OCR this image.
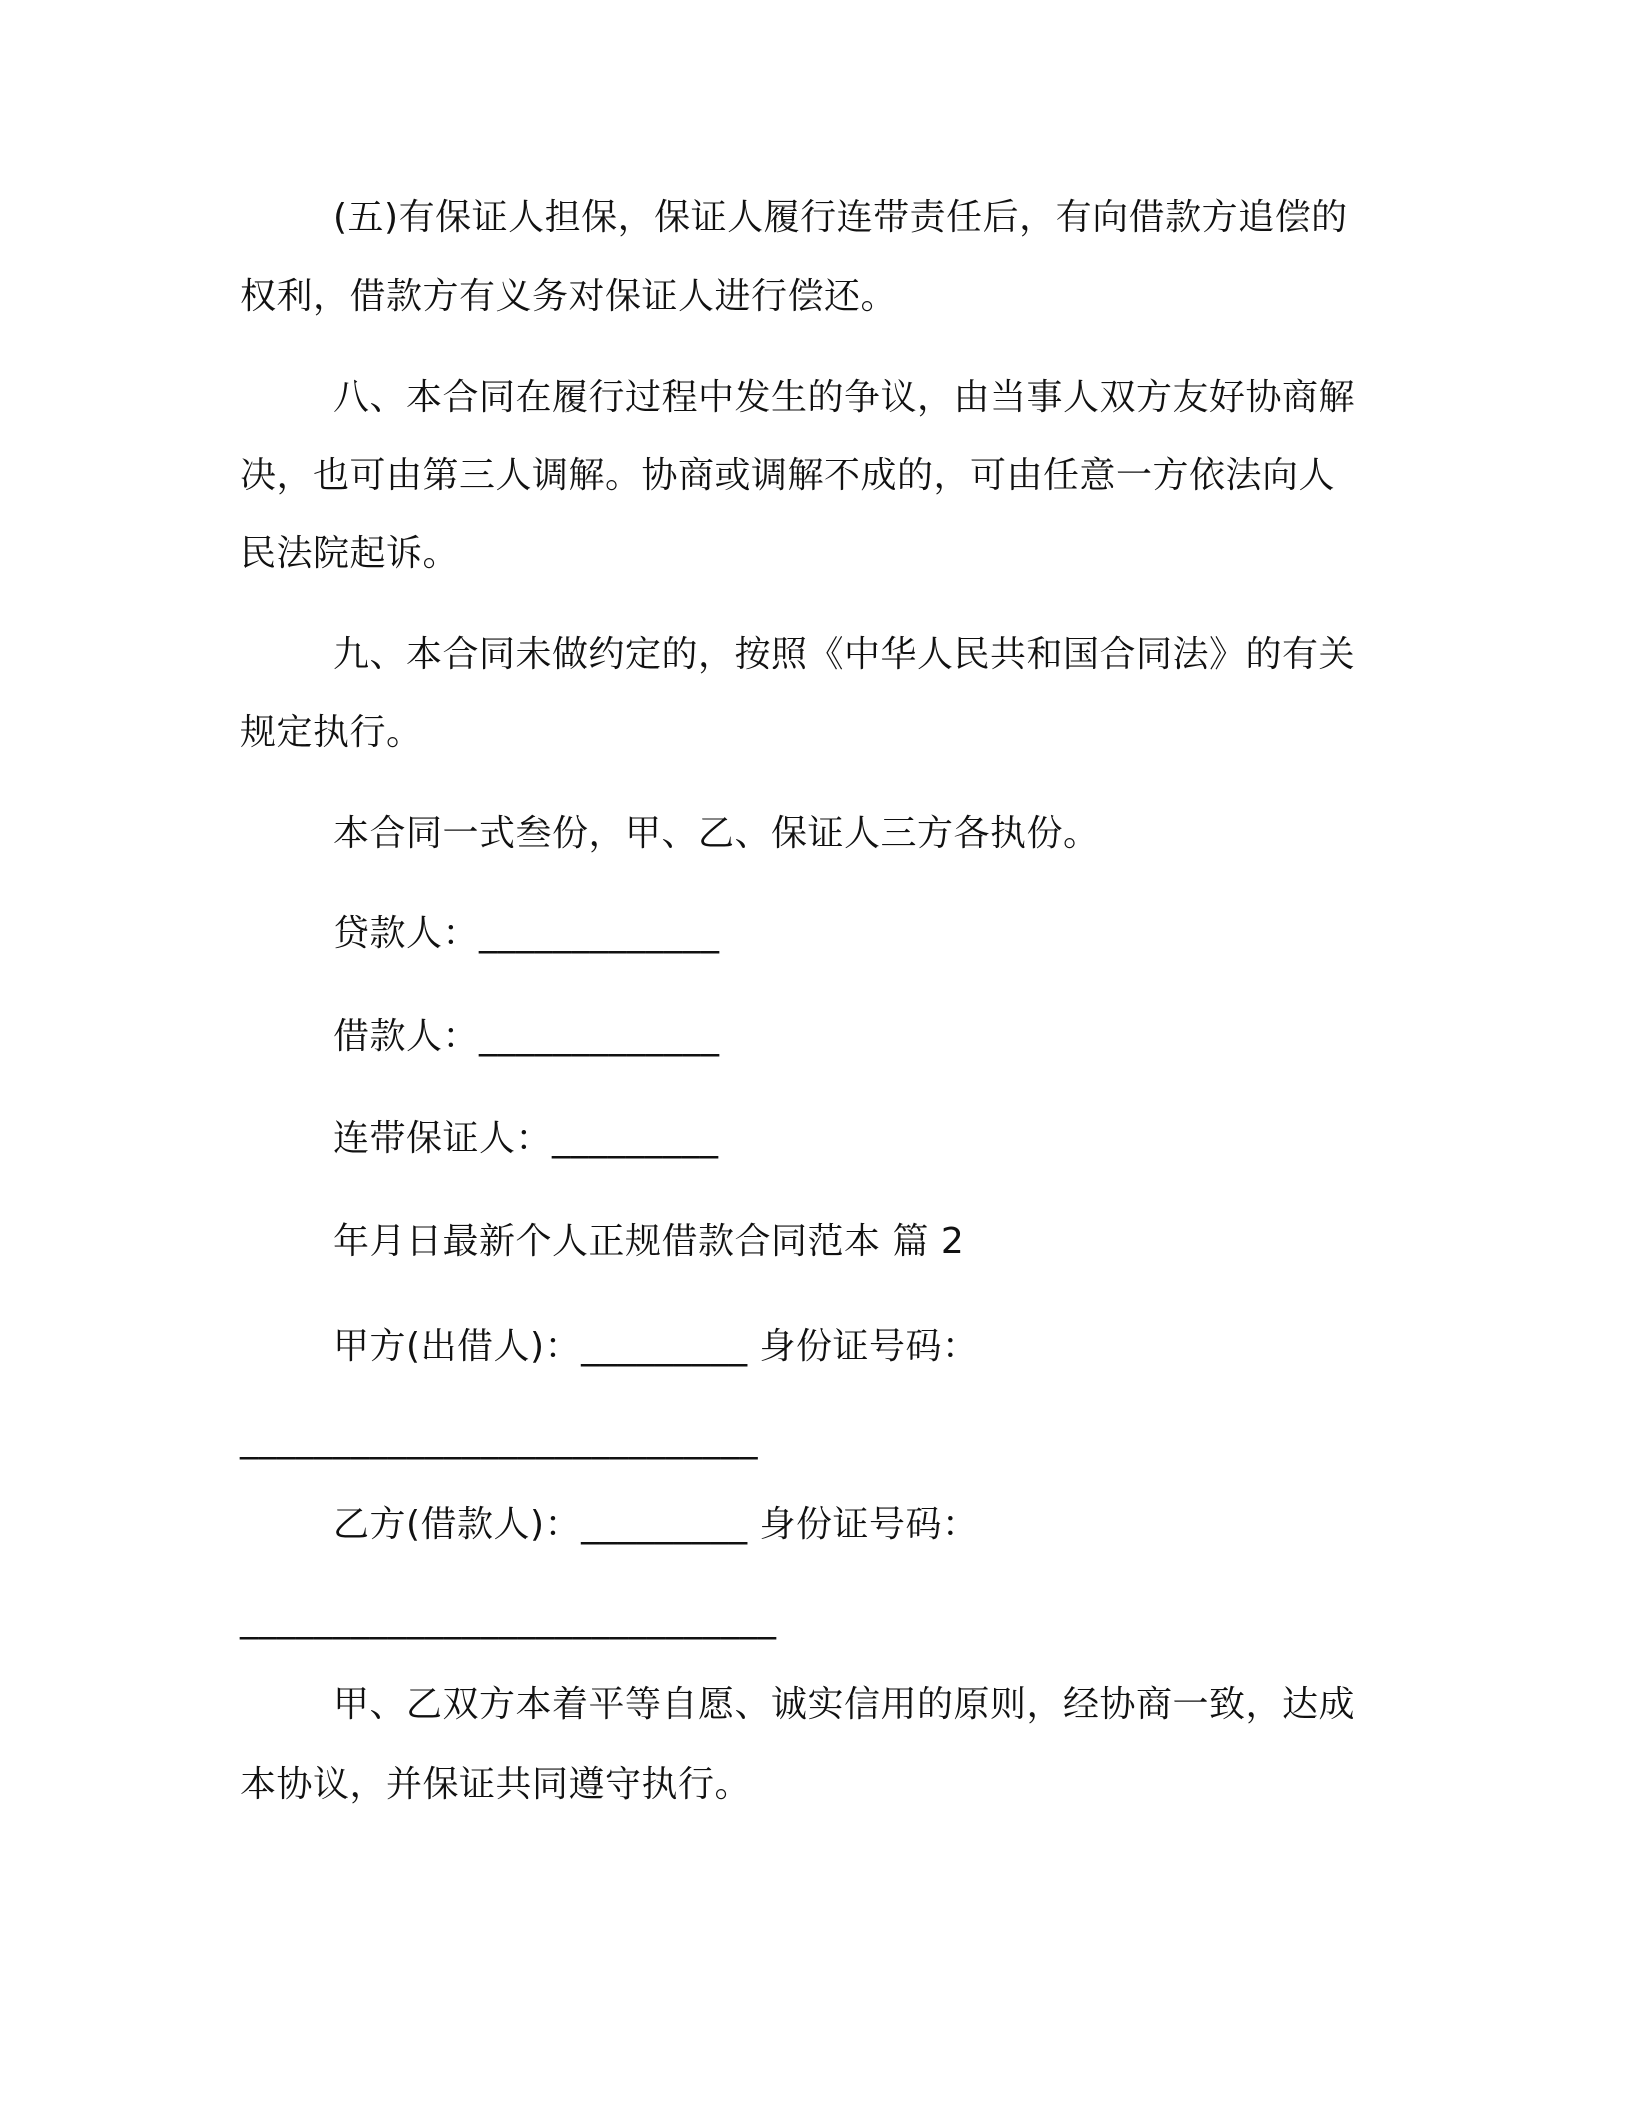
(五)有保证人担保，保证人履行连带责任后，有向借款方追偿的
权利，借款方有义务对保证人进行偿还。
八、本合同在履行过程中发生的争议，由当事人双方友好协商解
决，也可由第三人调解。协商或调解不成的，可由任意一方依法向人
民法院起诉。
九、本合同未做约定的，按照《中华人民共和国合同法》的有关
规定执行。
本合同一式叁份，甲、乙、保证人三方各执份。
贷款人：_____________
借款人：_____________
连带保证人：_________
年月日最新个人正规借款合同范本 篇 2
甲方(出借人)：_________ 身份证号码：
____________________________
乙方(借款人)：_________ 身份证号码：
_____________________________
甲、乙双方本着平等自愿、诚实信用的原则，经协商一致，达成
本协议，并保证共同遵守执行。
